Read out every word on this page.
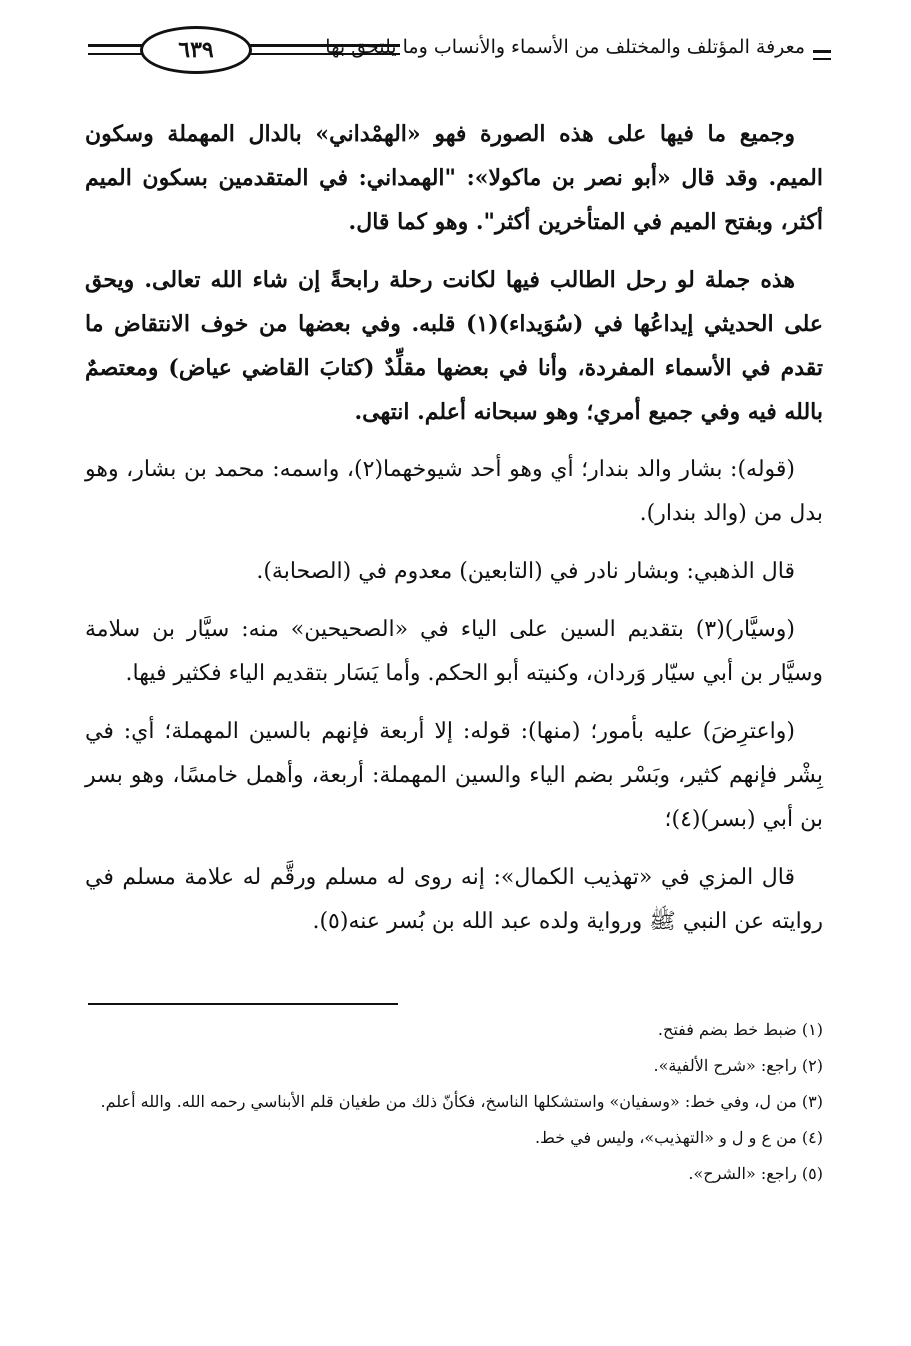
معرفة المؤتلف والمختلف من الأسماء والأنساب وما يلتحق بها
٦٣٩

وجميع ما فيها على هذه الصورة فهو «الهمْداني» بالدال المهملة وسكون الميم. وقد قال «أبو نصر بن ماكولا»: "الهمداني: في المتقدمين بسكون الميم أكثر، وبفتح الميم في المتأخرين أكثر". وهو كما قال.

هذه جملة لو رحل الطالب فيها لكانت رحلة رابحةً إن شاء الله تعالى. ويحق على الحديثي إيداعُها في (سُوَيداء)(١) قلبه. وفي بعضها من خوف الانتقاض ما تقدم في الأسماء المفردة، وأنا في بعضها مقلِّدٌ (كتابَ القاضي عياض) ومعتصمٌ بالله فيه وفي جميع أمري؛ وهو سبحانه أعلم. انتهى.

(قوله): بشار والد بندار؛ أي وهو أحد شيوخهما(٢)، واسمه: محمد بن بشار، وهو بدل من (والد بندار).

قال الذهبي: وبشار نادر في (التابعين) معدوم في (الصحابة).

(وسيَّار)(٣) بتقديم السين على الياء في «الصحيحين» منه: سيَّار بن سلامة وسيَّار بن أبي سيّار وَردان، وكنيته أبو الحكم. وأما يَسَار بتقديم الياء فكثير فيها.

(واعترِضَ) عليه بأمور؛ (منها): قوله: إلا أربعة فإنهم بالسين المهملة؛ أي: في بِشْر فإنهم كثير، وبَسْر بضم الياء والسين المهملة: أربعة، وأهمل خامسًا، وهو بسر بن أبي (بسر)(٤)؛

قال المزي في «تهذيب الكمال»: إنه روى له مسلم ورقَّم له علامة مسلم في روايته عن النبي ﷺ ورواية ولده عبد الله بن بُسر عنه(٥).

(١) ضبط خط بضم ففتح.

(٢) راجع: «شرح الألفية».

(٣) من ل، وفي خط: «وسفيان» واستشكلها الناسخ، فكأنّ ذلك من طغيان قلم الأبناسي رحمه الله. والله أعلم.

(٤) من ع و ل و «التهذيب»، وليس في خط.

(٥) راجع: «الشرح».
